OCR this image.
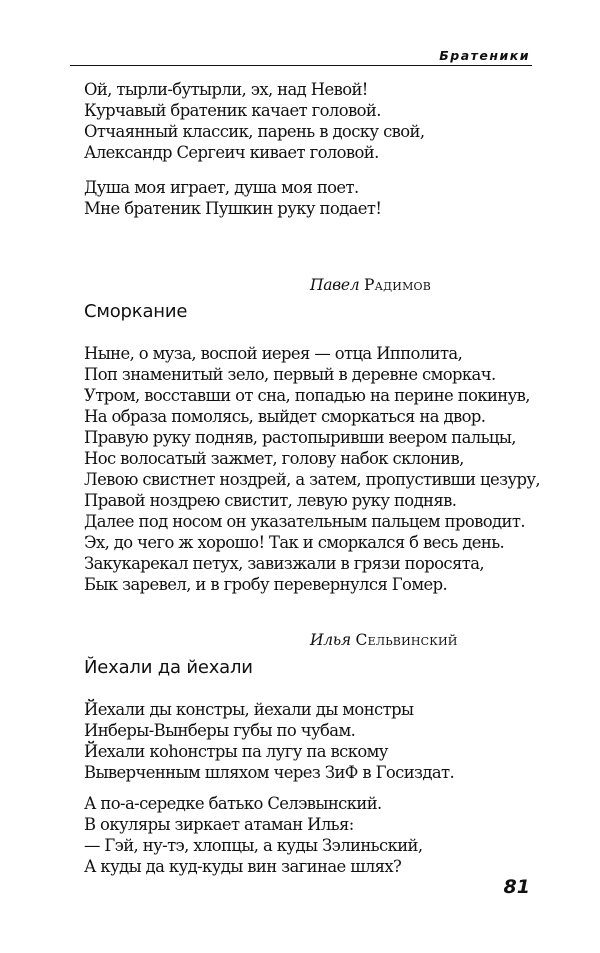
Братеники
Ой, тырли-бутырли, эх, над Невой!
Курчавый братеник качает головой.
Отчаянный классик, парень в доску свой,
Александр Сергеич кивает головой.
Душа моя играет, душа моя поет.
Мне братеник Пушкин руку подает!
Павел Радимов
Сморкание
Ныне, о муза, воспой иерея — отца Ипполита,
Поп знаменитый зело, первый в деревне сморкач.
Утром, восставши от сна, попадью на перине покинув,
На образа помолясь, выйдет сморкаться на двор.
Правую руку подняв, растопыривши веером пальцы,
Нос волосатый зажмет, голову набок склонив,
Левою свистнет ноздрей, а затем, пропустивши цезуру,
Правой ноздрею свистит, левую руку подняв.
Далее под носом он указательным пальцем проводит.
Эх, до чего ж хорошо! Так и сморкался б весь день.
Закукарекал петух, завизжали в грязи поросята,
Бык заревел, и в гробу перевернулся Гомер.
Илья Сельвинский
Йехали да йехали
Йехали ды констры, йехали ды монстры
Инберы-Вынберы губы по чубам.
Йехали коhонстры па лугу па вскому
Выверченным шляхом через ЗиФ в Госиздат.
А по-а-середке батько Селэвынский.
В окуляры зиркает атаман Илья:
— Гэй, ну-тэ, хлопцы, а куды Зэлиньский,
А куды да куд-куды вин загинае шлях?
81
